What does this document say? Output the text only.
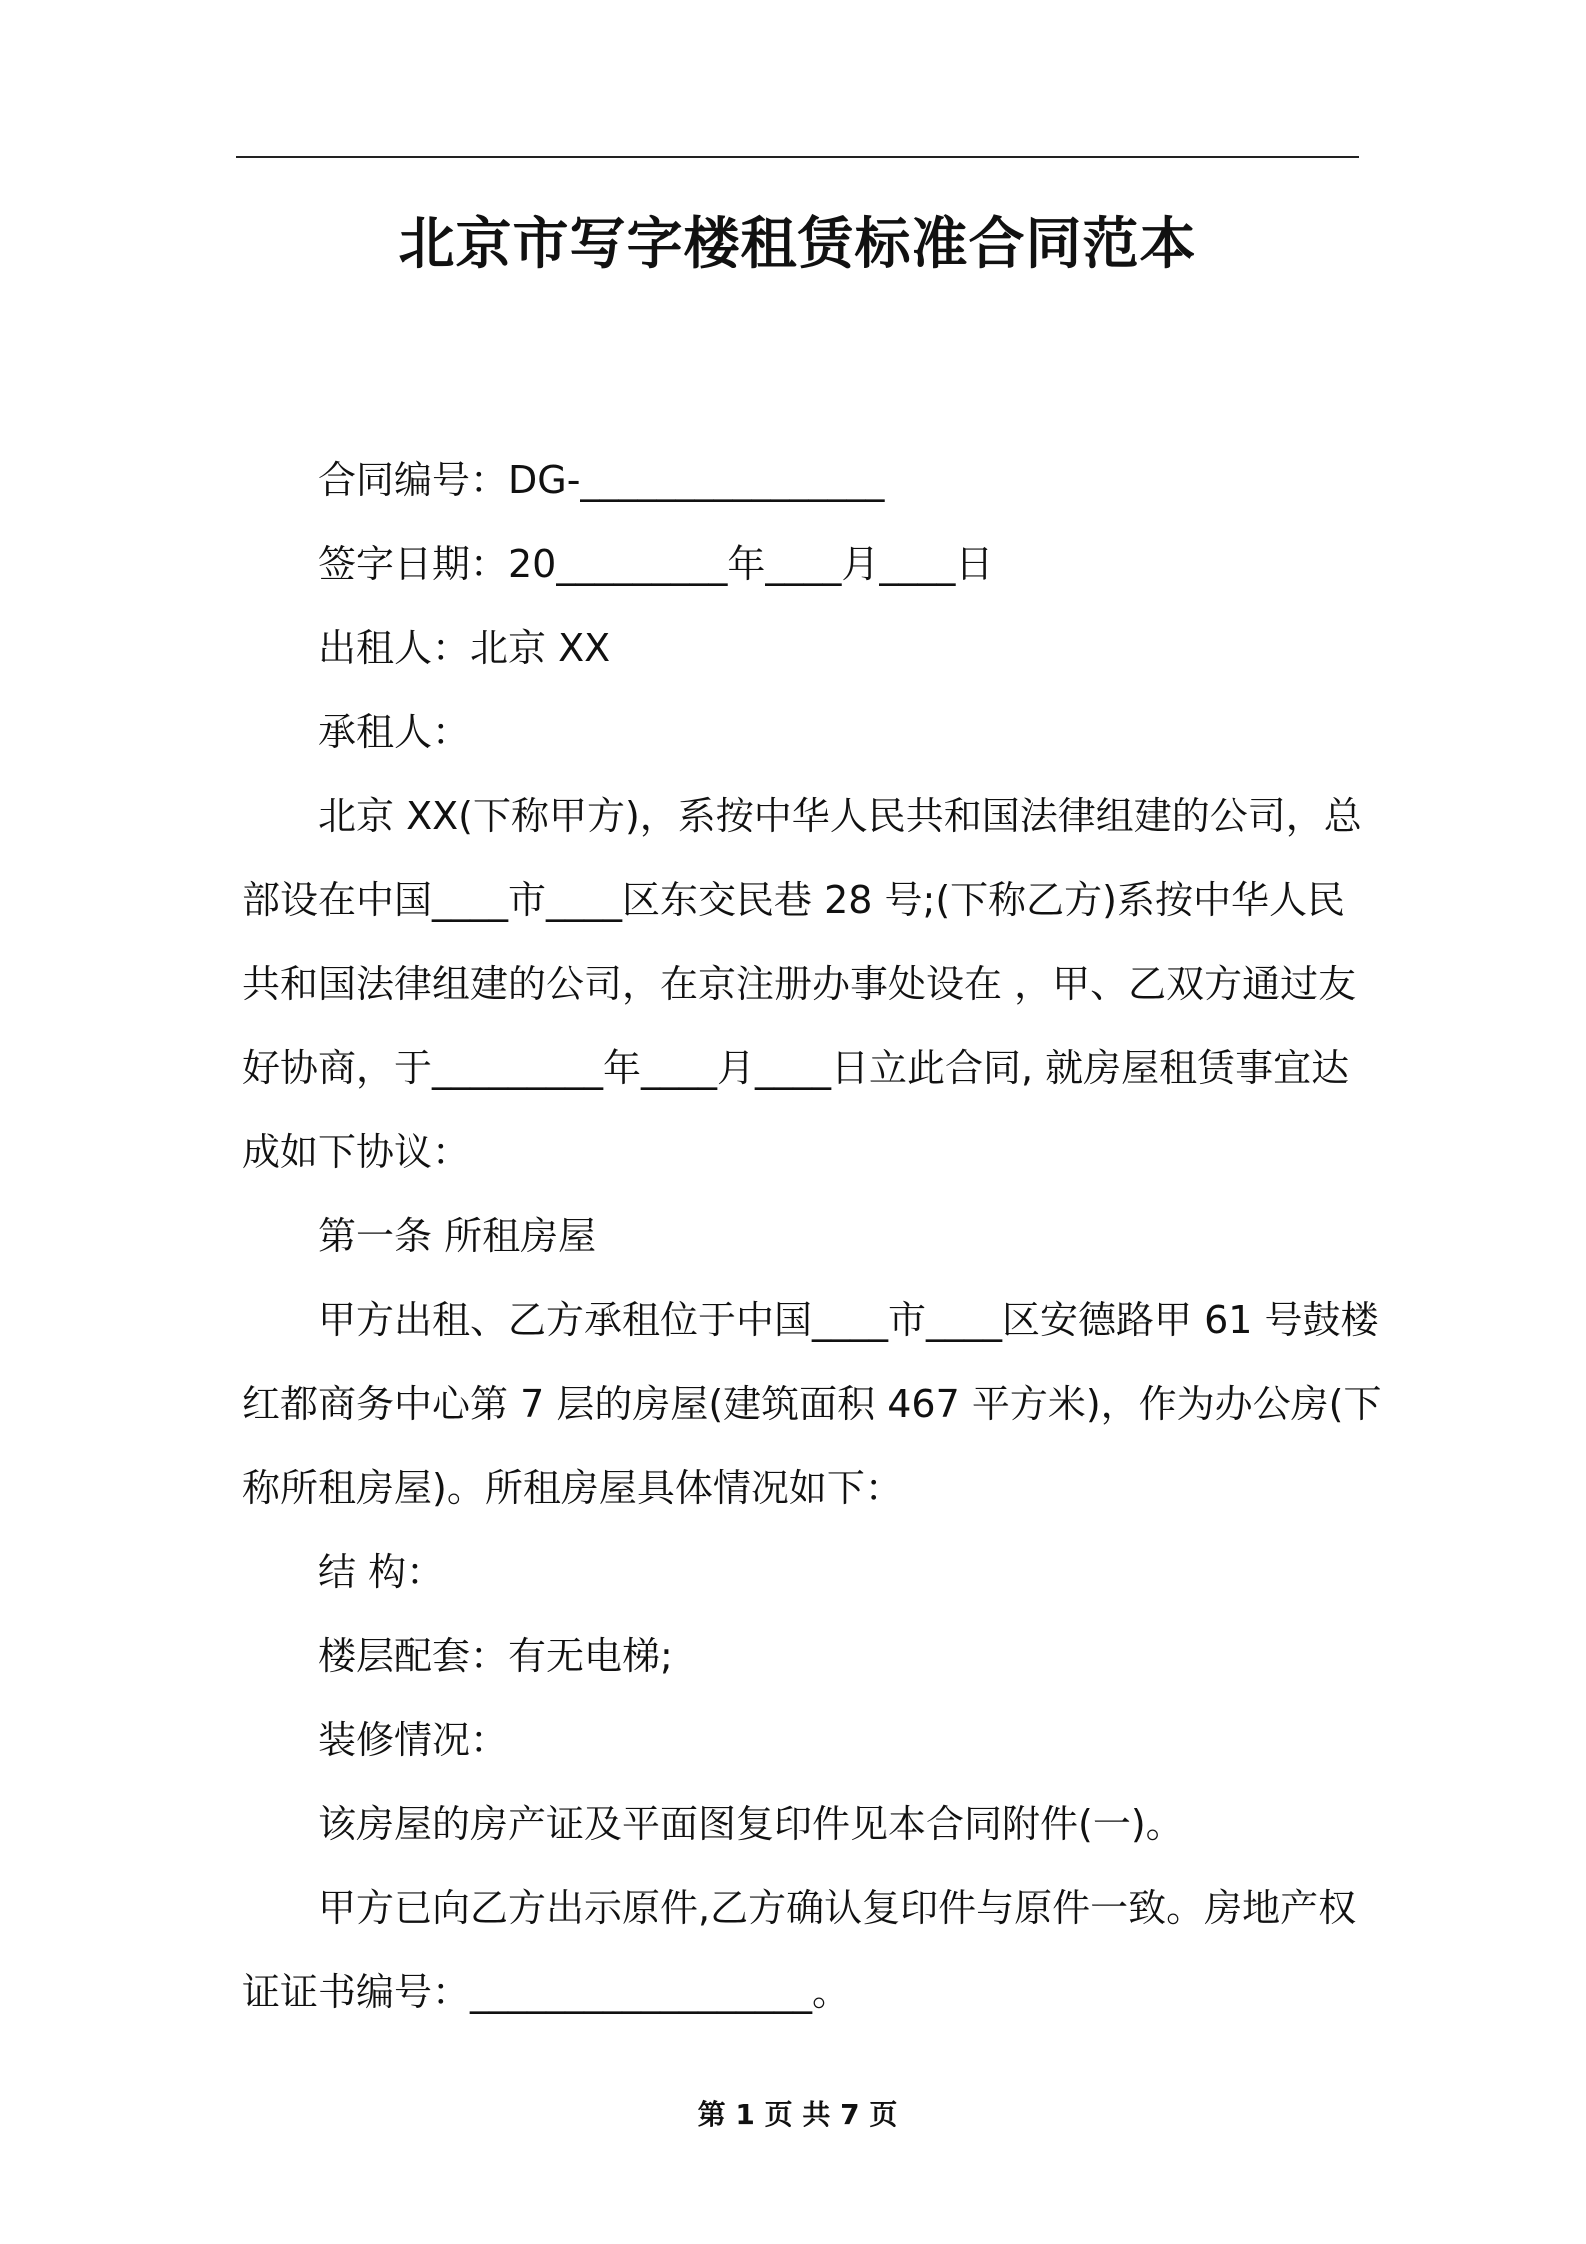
北京市写字楼租赁标准合同范本

合同编号：DG-________________

签字日期：20_________年____月____日

出租人：北京 XX

承租人：

北京 XX(下称甲方)，系按中华人民共和国法律组建的公司，总

部设在中国____市____区东交民巷 28 号;(下称乙方)系按中华人民

共和国法律组建的公司，在京注册办事处设在 ，甲、乙双方通过友

好协商，于_________年____月____日立此合同, 就房屋租赁事宜达

成如下协议：

第一条 所租房屋

甲方出租、乙方承租位于中国____市____区安德路甲 61 号鼓楼

红都商务中心第 7 层的房屋(建筑面积 467 平方米)，作为办公房(下

称所租房屋)。所租房屋具体情况如下：

结 构：

楼层配套：有无电梯;

装修情况：

该房屋的房产证及平面图复印件见本合同附件(一)。

甲方已向乙方出示原件,乙方确认复印件与原件一致。房地产权

证证书编号：__________________。

第 1 页 共 7 页
